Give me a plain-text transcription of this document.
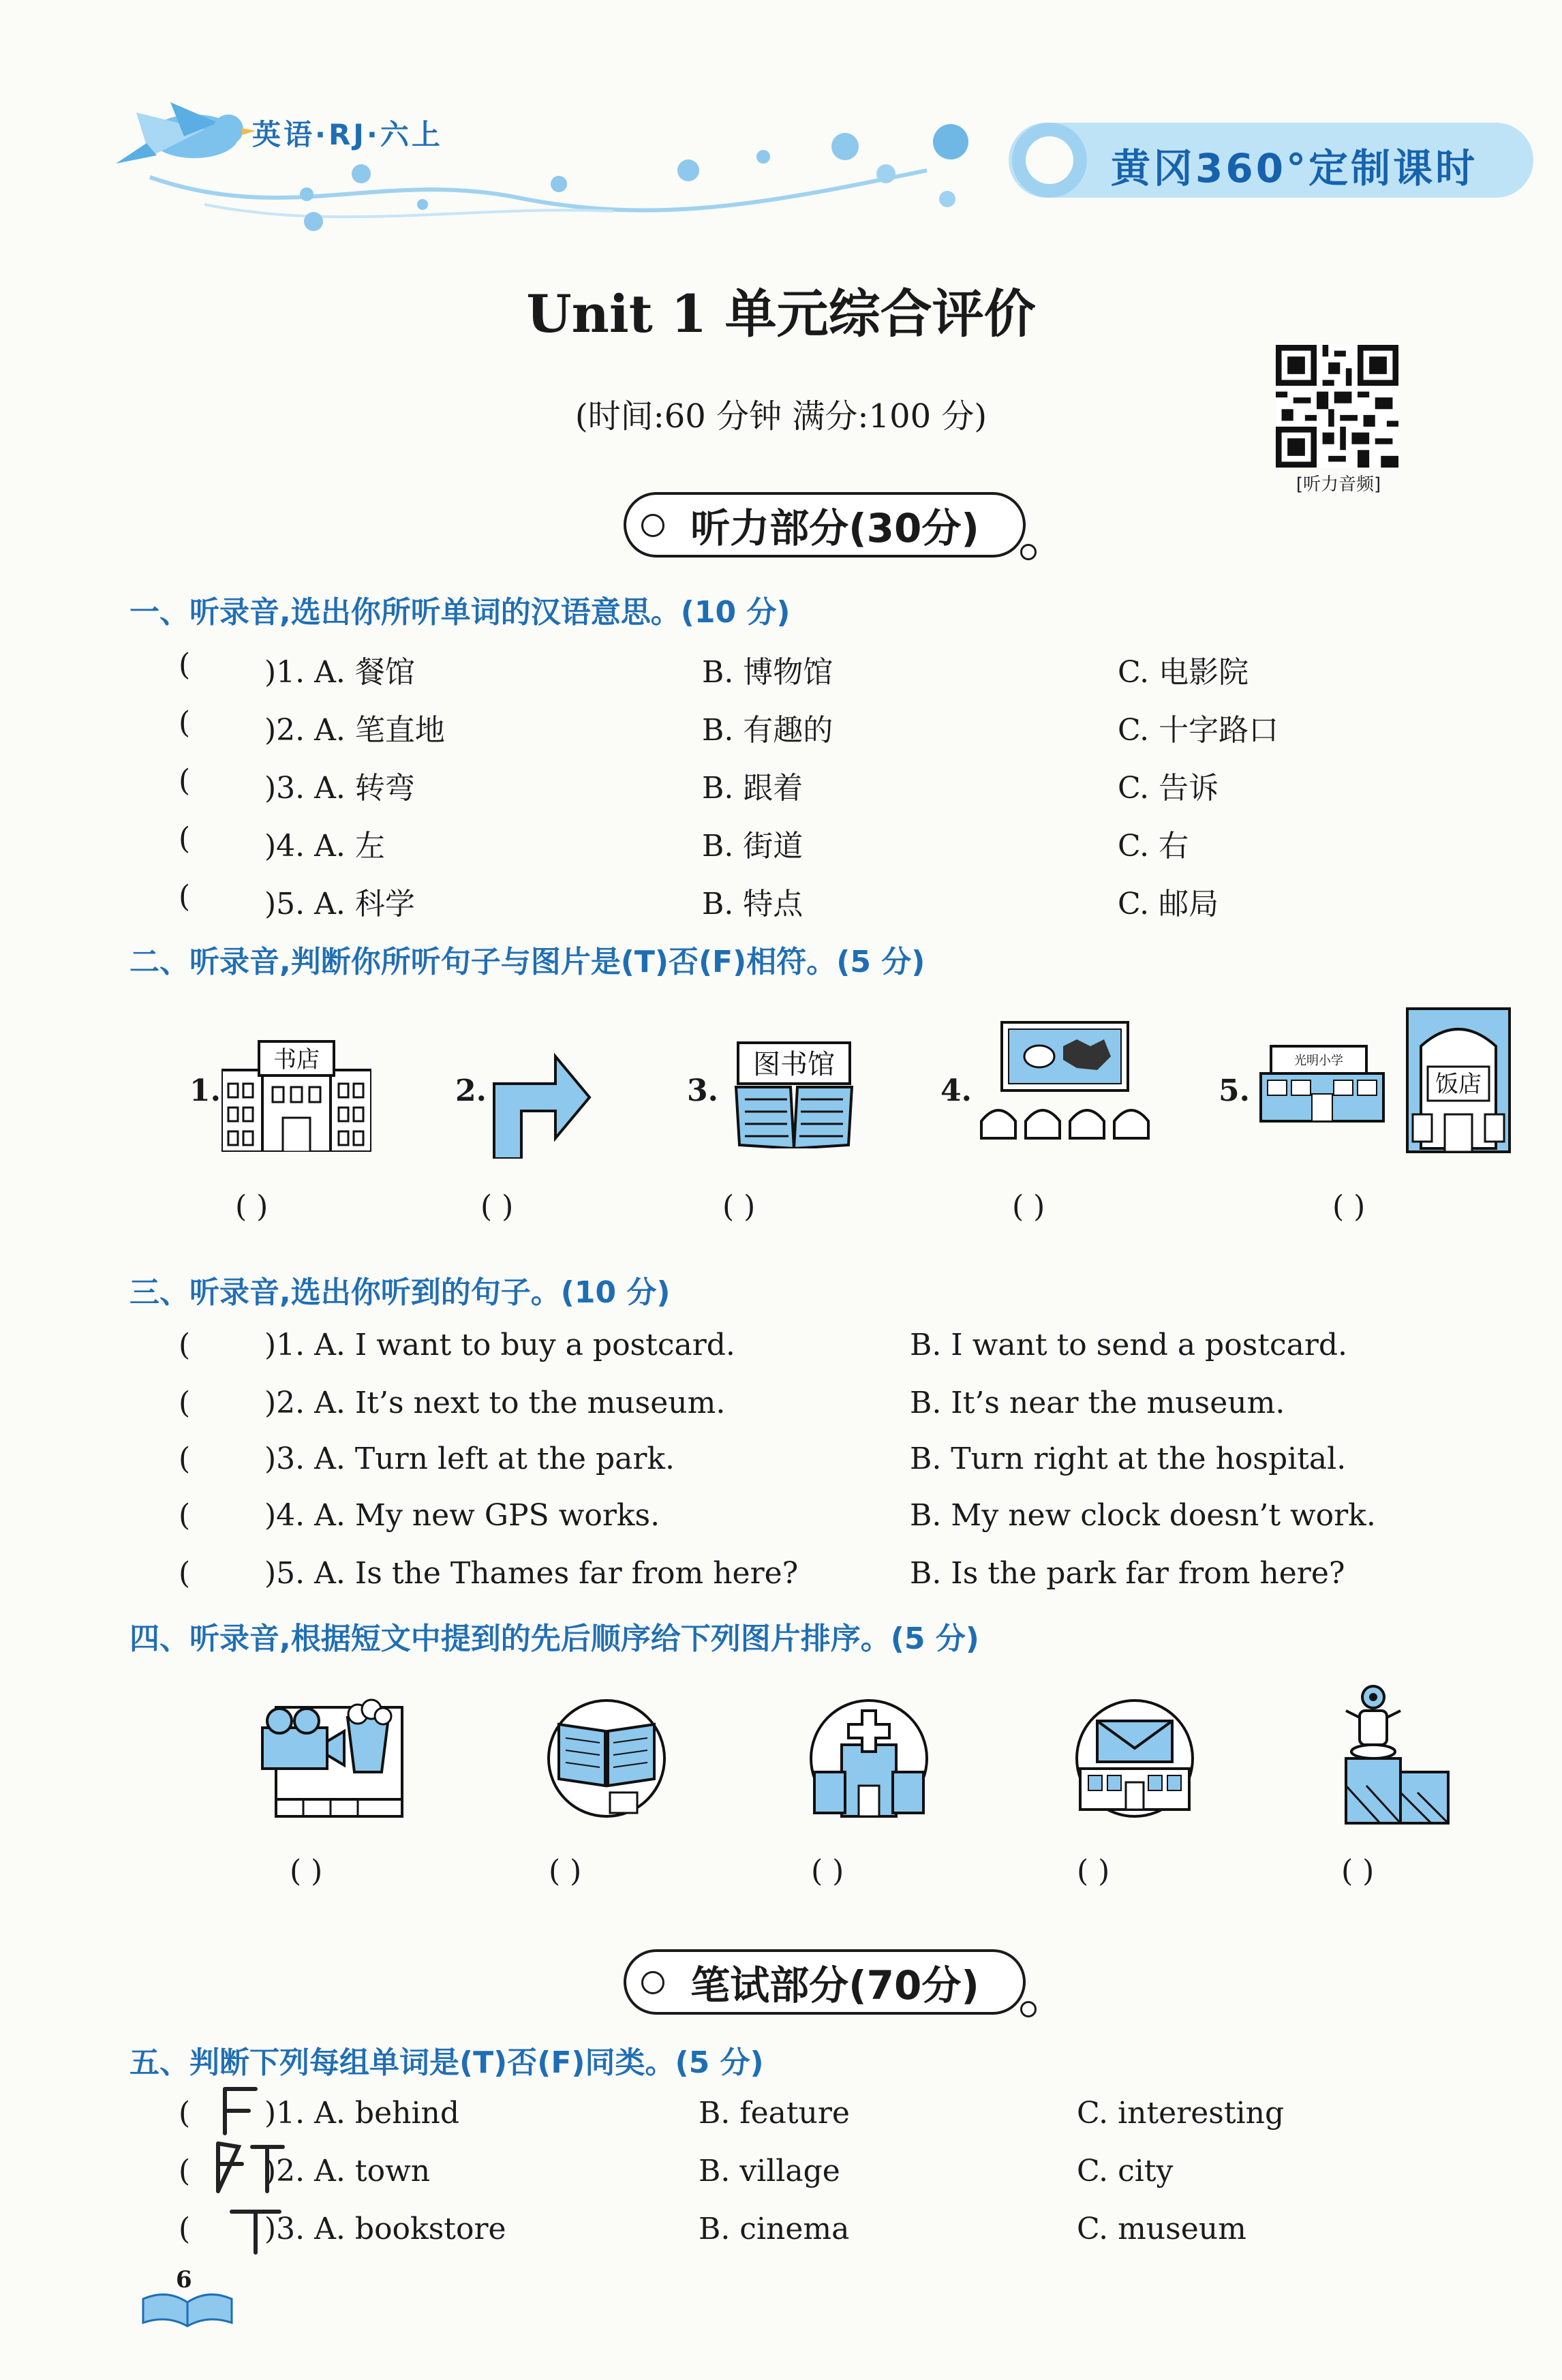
英语·RJ·六上
黄冈360°定制课时
Unit 1 单元综合评价
(时间:60 分钟 满分:100 分)
[听力音频]
听力部分(30分)
一、听录音,选出你所听单词的汉语意思。(10 分)
( )1. A. 餐馆	B. 博物馆	C. 电影院
( )2. A. 笔直地	B. 有趣的	C. 十字路口
( )3. A. 转弯	B. 跟着	C. 告诉
( )4. A. 左	B. 街道	C. 右
( )5. A. 科学	B. 特点	C. 邮局
二、听录音,判断你所听句子与图片是(T)否(F)相符。(5 分)
1.
书店
2.	3.
图书馆
4.	5.
光明小学
饭店
( )	( )	( )	( )	( )
三、听录音,选出你听到的句子。(10 分)
( )1. A. I want to buy a postcard.	B. I want to send a postcard.
( )2. A. It’s next to the museum.	B. It’s near the museum.
( )3. A. Turn left at the park.	B. Turn right at the hospital.
( )4. A. My new GPS works.	B. My new clock doesn’t work.
( )5. A. Is the Thames far from here?	B. Is the park far from here?
四、听录音,根据短文中提到的先后顺序给下列图片排序。(5 分)
( )	( )	( )	( )	( )
笔试部分(70分)
五、判断下列每组单词是(T)否(F)同类。(5 分)
( )1. A. behind	B. feature	C. interesting
( )2. A. town	B. village	C. city
( )3. A. bookstore	B. cinema	C. museum
6
